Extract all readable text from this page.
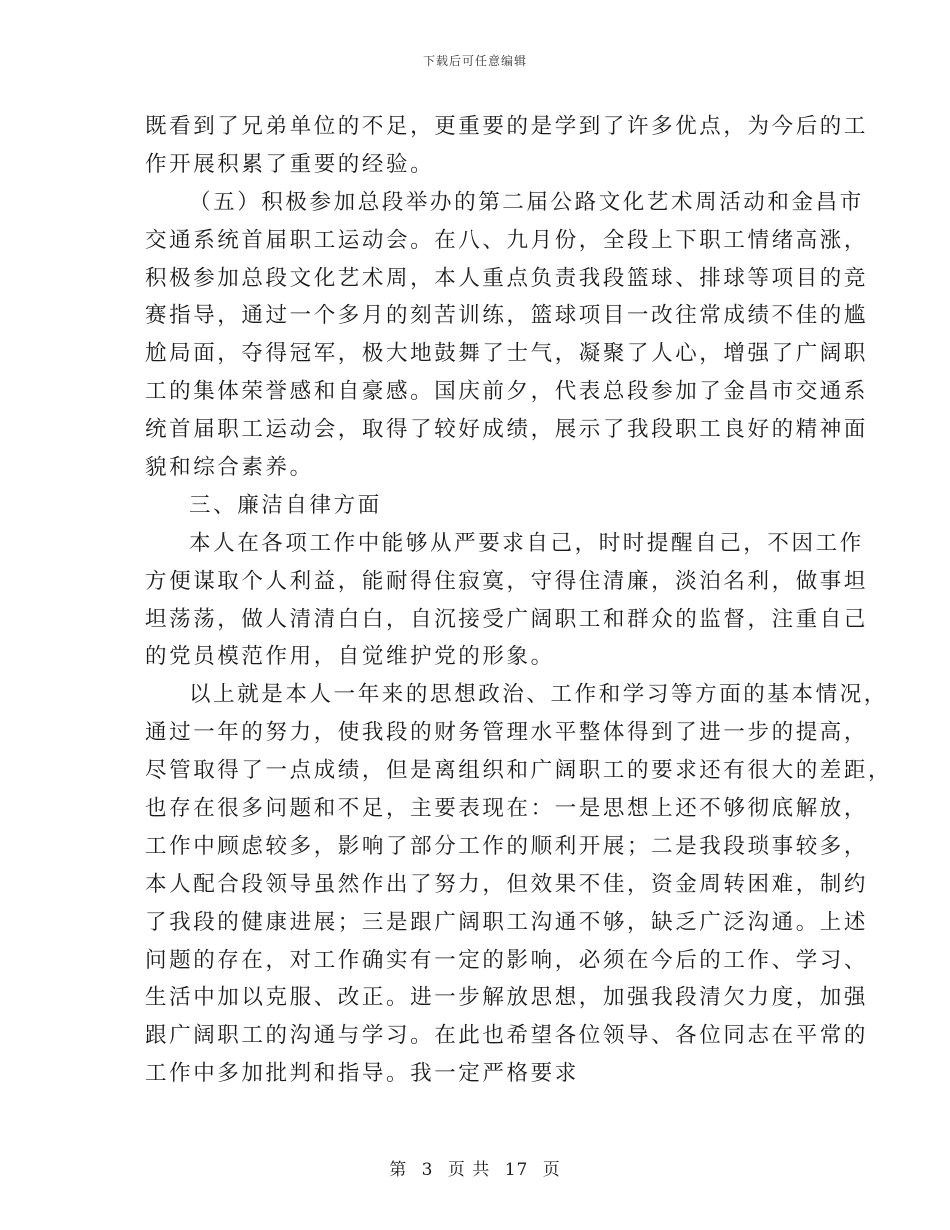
下载后可任意编辑
既看到了兄弟单位的不足，更重要的是学到了许多优点，为今后的工
作开展积累了重要的经验。
（五）积极参加总段举办的第二届公路文化艺术周活动和金昌市
交通系统首届职工运动会。在八、九月份，全段上下职工情绪高涨，
积极参加总段文化艺术周，本人重点负责我段篮球、排球等项目的竞
赛指导，通过一个多月的刻苦训练，篮球项目一改往常成绩不佳的尴
尬局面，夺得冠军，极大地鼓舞了士气，凝聚了人心，增强了广阔职
工的集体荣誉感和自豪感。国庆前夕，代表总段参加了金昌市交通系
统首届职工运动会，取得了较好成绩，展示了我段职工良好的精神面
貌和综合素养。
三、廉洁自律方面
本人在各项工作中能够从严要求自己，时时提醒自己，不因工作
方便谋取个人利益，能耐得住寂寞，守得住清廉，淡泊名利，做事坦
坦荡荡，做人清清白白，自沉接受广阔职工和群众的监督，注重自己
的党员模范作用，自觉维护党的形象。
以上就是本人一年来的思想政治、工作和学习等方面的基本情况，
通过一年的努力，使我段的财务管理水平整体得到了进一步的提高，
尽管取得了一点成绩，但是离组织和广阔职工的要求还有很大的差距，
也存在很多问题和不足，主要表现在：一是思想上还不够彻底解放，
工作中顾虑较多，影响了部分工作的顺利开展；二是我段琐事较多，
本人配合段领导虽然作出了努力，但效果不佳，资金周转困难，制约
了我段的健康进展；三是跟广阔职工沟通不够，缺乏广泛沟通。上述
问题的存在，对工作确实有一定的影响，必须在今后的工作、学习、
生活中加以克服、改正。进一步解放思想，加强我段清欠力度，加强
跟广阔职工的沟通与学习。在此也希望各位领导、各位同志在平常的
工作中多加批判和指导。我一定严格要求
第 3 页 共 17 页
